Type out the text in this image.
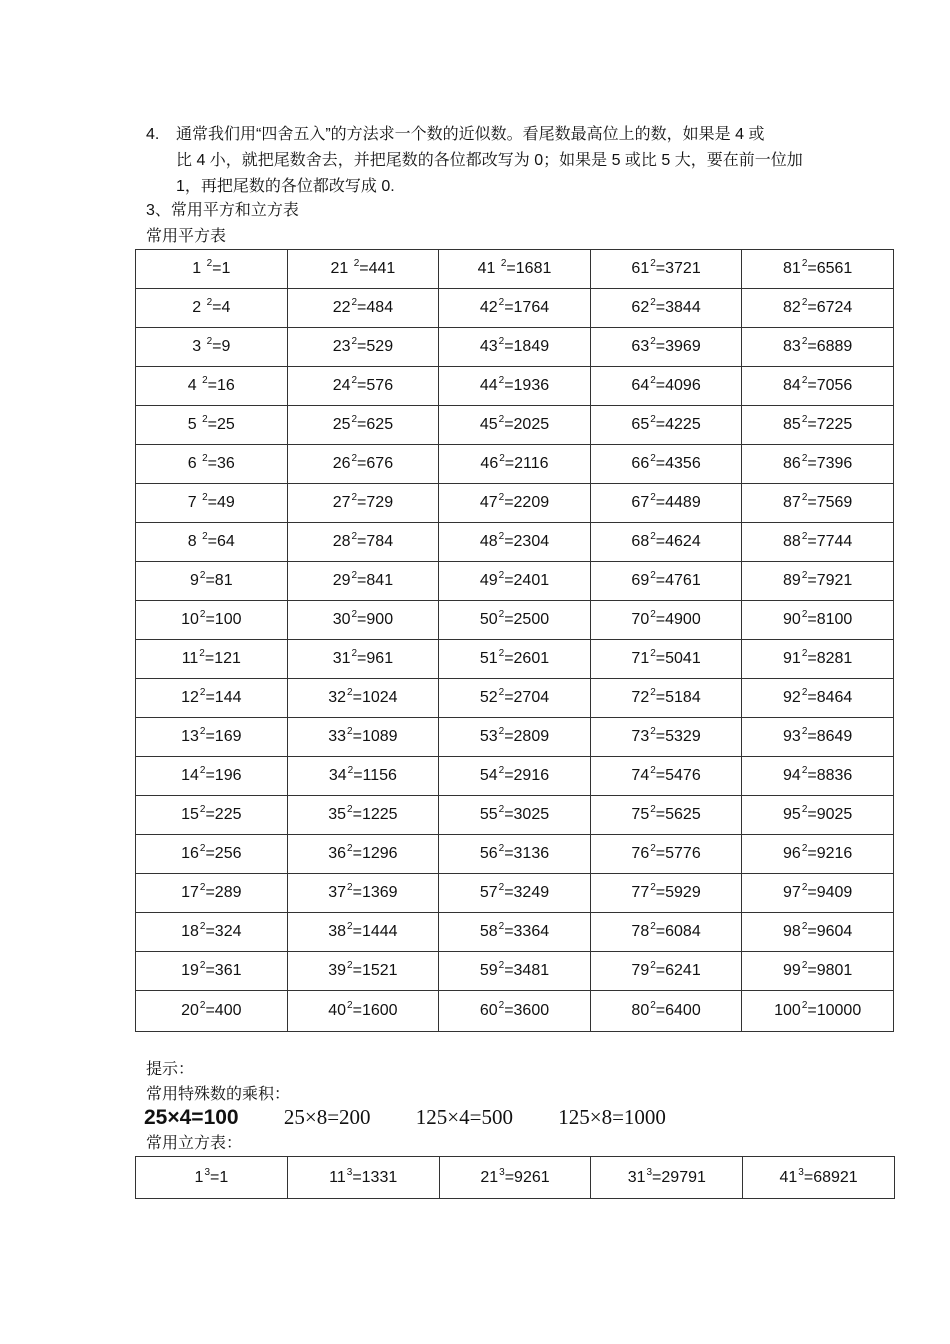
4. 通常我们用“四舍五入”的方法求一个数的近似数。看尾数最高位上的数，如果是 4 或
比 4 小，就把尾数舍去，并把尾数的各位都改写为 0；如果是 5 或比 5 大，要在前一位加
1，再把尾数的各位都改写成 0.
3、常用平方和立方表
常用平方表
1 $^2$=1	21 $^2$=441	41 $^2$=1681	$61^2=3721$	$81^2=6561$
2 $^2$=4	$22^2=484$	$42^2=1764$	$62^2=3844$	$82^2=6724$
3 $^2$=9	$23^2=529$	$43^2=1849$	$63^2=3969$	$83^2=6889$
4 $^2$=16	$24^2=576$	$44^2=1936$	$64^2=4096$	$84^2=7056$
5 $^2$=25	$25^2=625$	$45^2=2025$	$65^2=4225$	$85^2=7225$
6 $^2$=36	$26^2=676$	$46^2=2116$	$66^2=4356$	$86^2=7396$
7 $^2$=49	$27^2=729$	$47^2=2209$	$67^2=4489$	$87^2=7569$
8 $^2$=64	$28^2=784$	$48^2=2304$	$68^2=4624$	$88^2=7744$
$9^2=81$	$29^2=841$	$49^2=2401$	$69^2=4761$	$89^2=7921$
$10^2=100$	$30^2=900$	$50^2=2500$	$70^2=4900$	$90^2=8100$
$11^2=121$	$31^2=961$	$51^2=2601$	$71^2=5041$	$91^2=8281$
$12^2=144$	$32^2=1024$	$52^2=2704$	$72^2=5184$	$92^2=8464$
$13^2=169$	$33^2=1089$	$53^2=2809$	$73^2=5329$	$93^2=8649$
$14^2=196$	$34^2=1156$	$54^2=2916$	$74^2=5476$	$94^2=8836$
$15^2=225$	$35^2=1225$	$55^2=3025$	$75^2=5625$	$95^2=9025$
$16^2=256$	$36^2=1296$	$56^2=3136$	$76^2=5776$	$96^2=9216$
$17^2=289$	$37^2=1369$	$57^2=3249$	$77^2=5929$	$97^2=9409$
$18^2=324$	$38^2=1444$	$58^2=3364$	$78^2=6084$	$98^2=9604$
$19^2=361$	$39^2=1521$	$59^2=3481$	$79^2=6241$	$99^2=9801$
$20^2=400$	$40^2=1600$	$60^2=3600$	$80^2=6400$	$100^2=10000$
提示：
常用特殊数的乘积：
25×4=100 25×8=200 125×4=500 125×8=1000
常用立方表：
$1^3=1$	$11^3=1331$	$21^3=9261$	$31^3=29791$	$41^3=68921$
